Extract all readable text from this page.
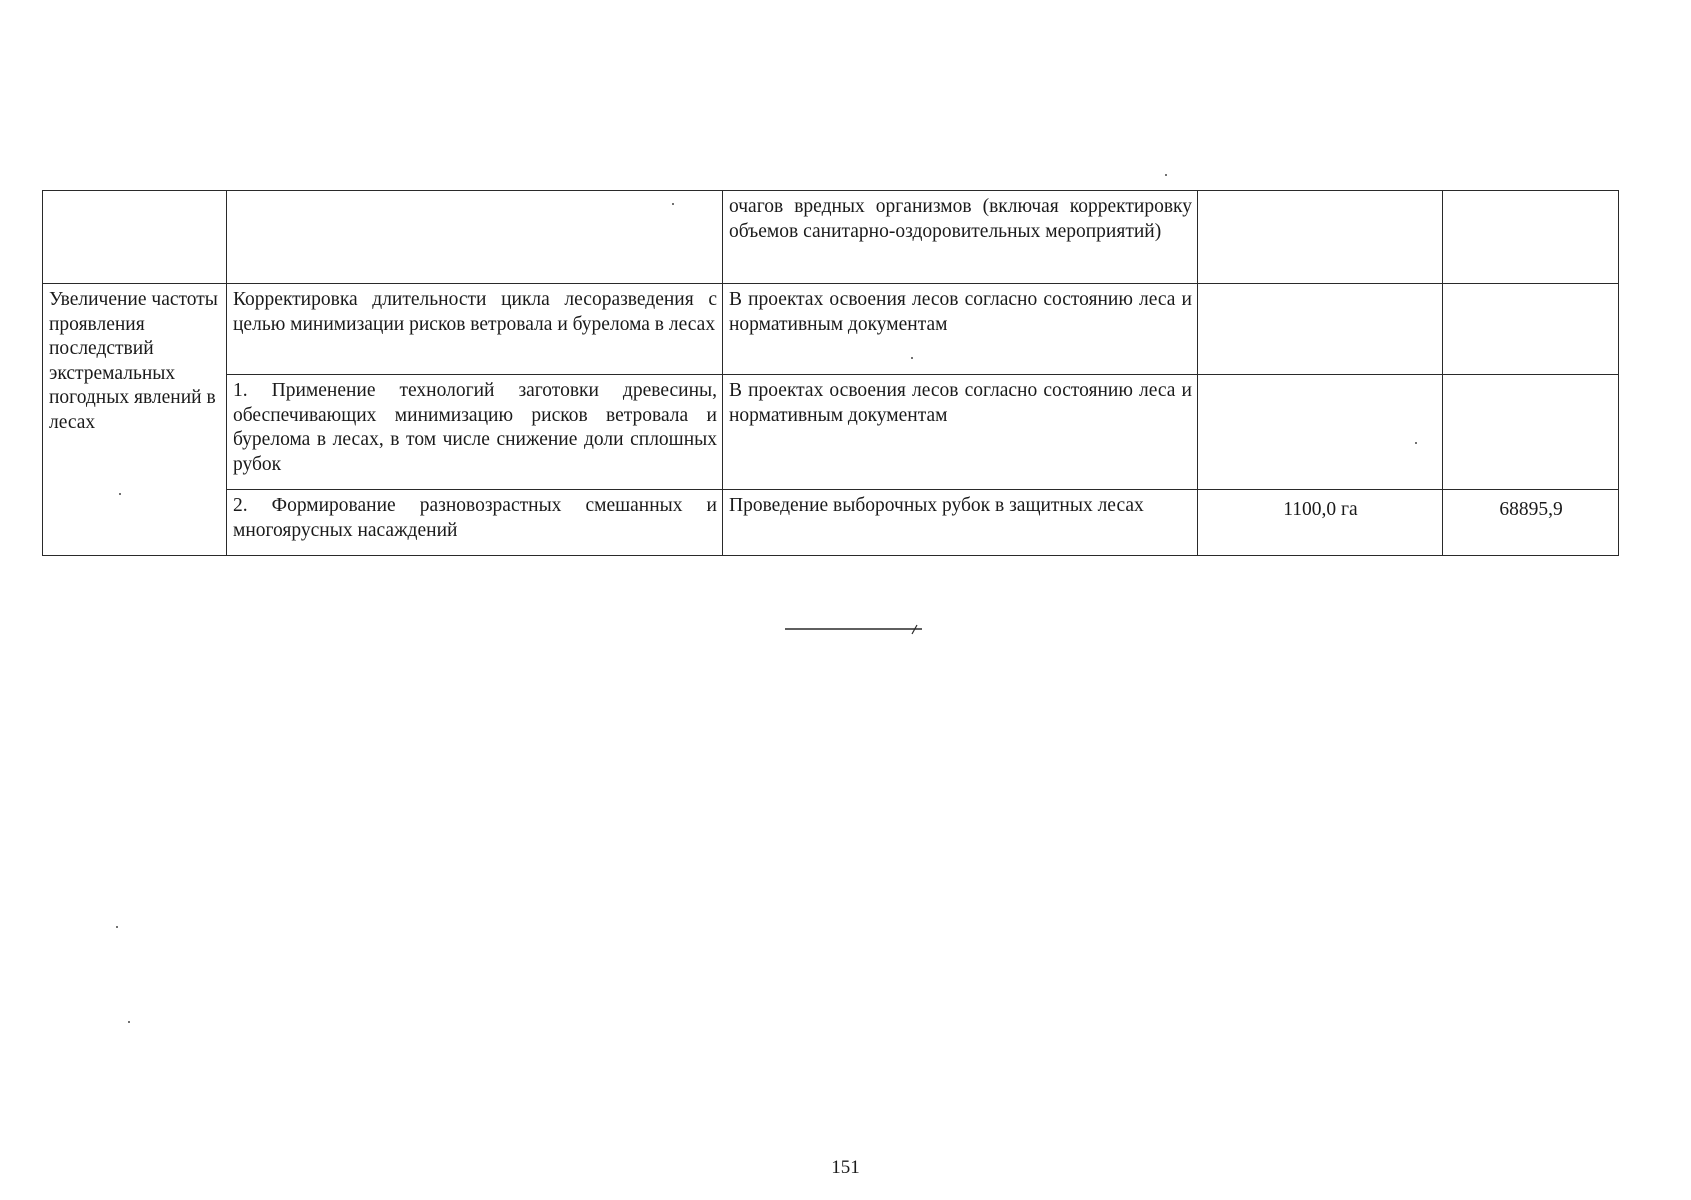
		очагов вредных организмов (включая корректировку объемов санитарно-оздоровительных мероприятий)		
Увеличение частоты проявления последствий экстремальных погодных явлений в лесах	Корректировка длительности цикла лесоразведения с целью минимизации рисков ветровала и бурелома в лесах	В проектах освоения лесов согласно состоянию леса и нормативным документам		
	1. Применение технологий заготовки древесины, обеспечивающих минимизацию рисков ветровала и бурелома в лесах, в том числе снижение доли сплошных рубок	В проектах освоения лесов согласно состоянию леса и нормативным документам		
	2. Формирование разновозрастных смешанных и многоярусных насаждений	Проведение выборочных рубок в защитных лесах	1100,0 га	68895,9
151
